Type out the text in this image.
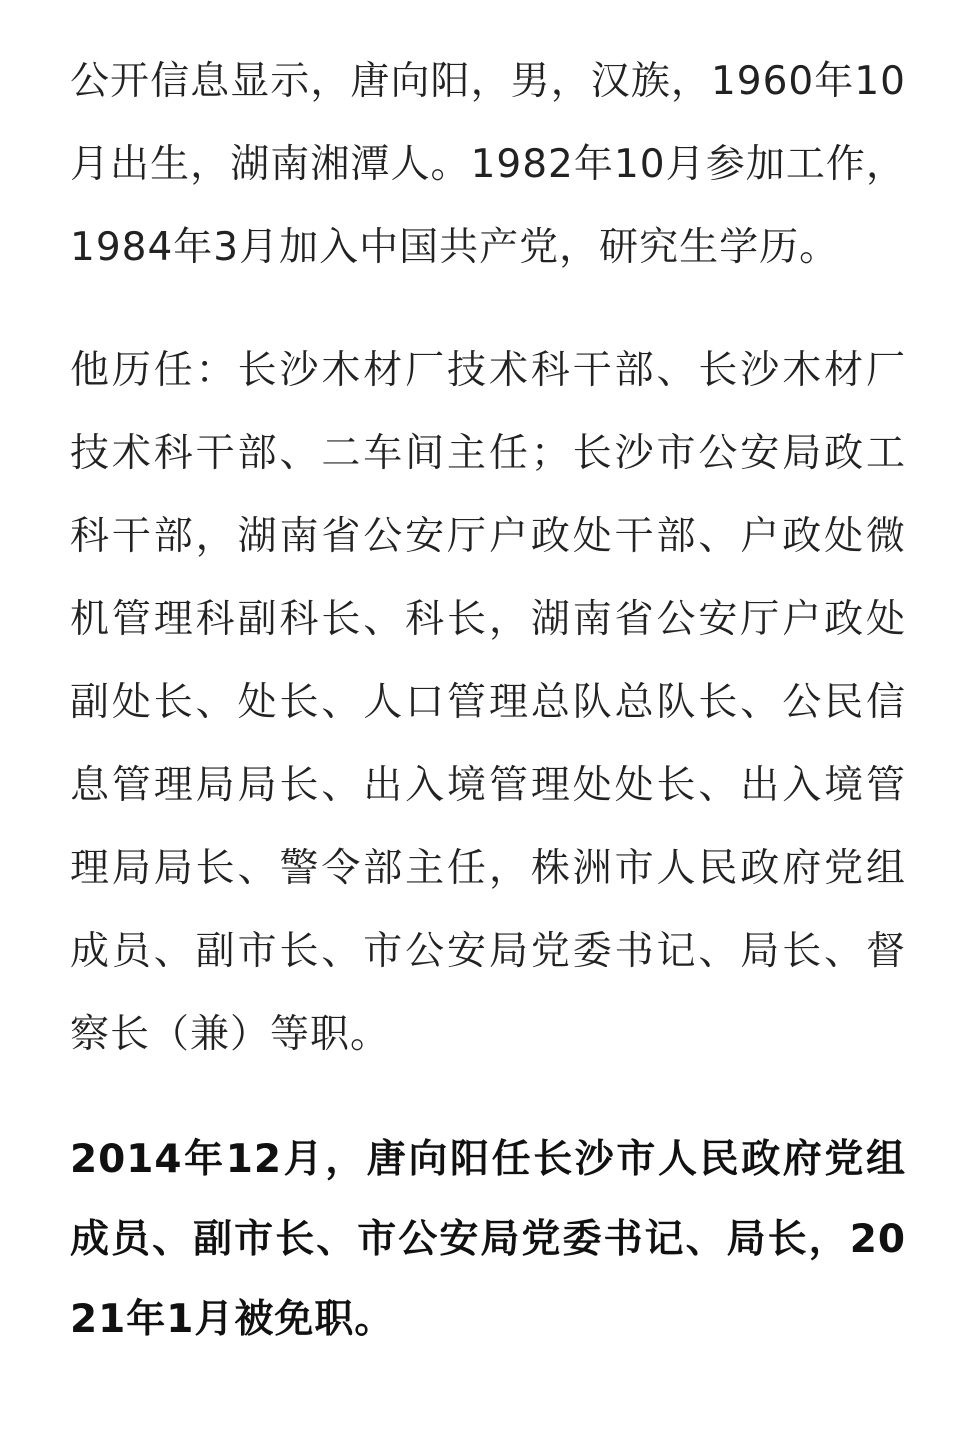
公开信息显示，唐向阳，男，汉族，1960年10月出生，湖南湘潭人。1982年10月参加工作，1984年3月加入中国共产党，研究生学历。

他历任：长沙木材厂技术科干部、长沙木材厂技术科干部、二车间主任；长沙市公安局政工科干部，湖南省公安厅户政处干部、户政处微机管理科副科长、科长，湖南省公安厅户政处副处长、处长、人口管理总队总队长、公民信息管理局局长、出入境管理处处长、出入境管理局局长、警令部主任，株洲市人民政府党组成员、副市长、市公安局党委书记、局长、督察长（兼）等职。

2014年12月，唐向阳任长沙市人民政府党组成员、副市长、市公安局党委书记、局长，2021年1月被免职。
